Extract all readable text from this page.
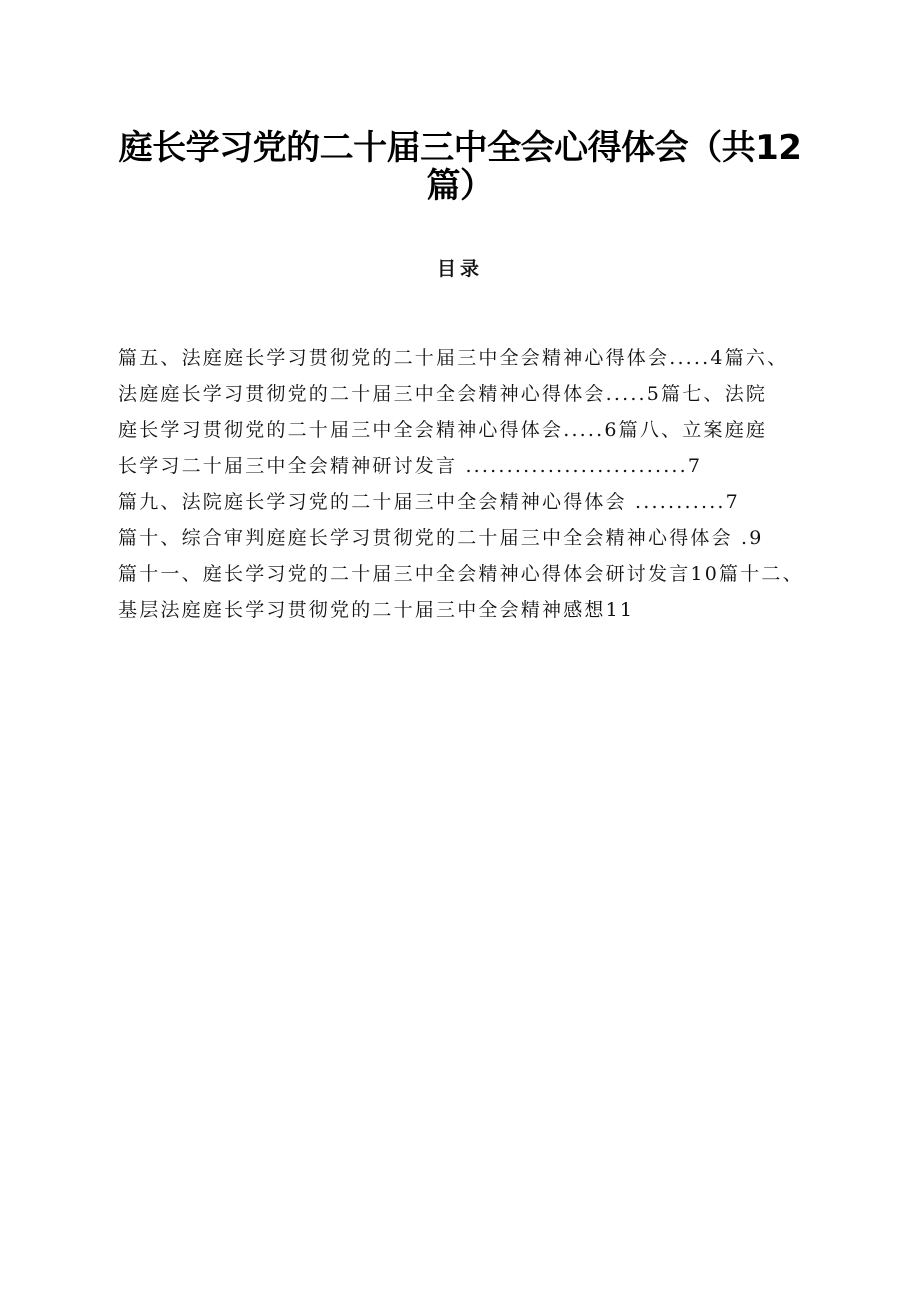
庭长学习党的二十届三中全会心得体会（共12
篇）
目录
篇五、法庭庭长学习贯彻党的二十届三中全会精神心得体会.....4篇六、
法庭庭长学习贯彻党的二十届三中全会精神心得体会.....5篇七、法院
庭长学习贯彻党的二十届三中全会精神心得体会.....6篇八、立案庭庭
长学习二十届三中全会精神研讨发言 ...........................7
篇九、法院庭长学习党的二十届三中全会精神心得体会 ...........7
篇十、综合审判庭庭长学习贯彻党的二十届三中全会精神心得体会 .9
篇十一、庭长学习党的二十届三中全会精神心得体会研讨发言10篇十二、
基层法庭庭长学习贯彻党的二十届三中全会精神感想11
